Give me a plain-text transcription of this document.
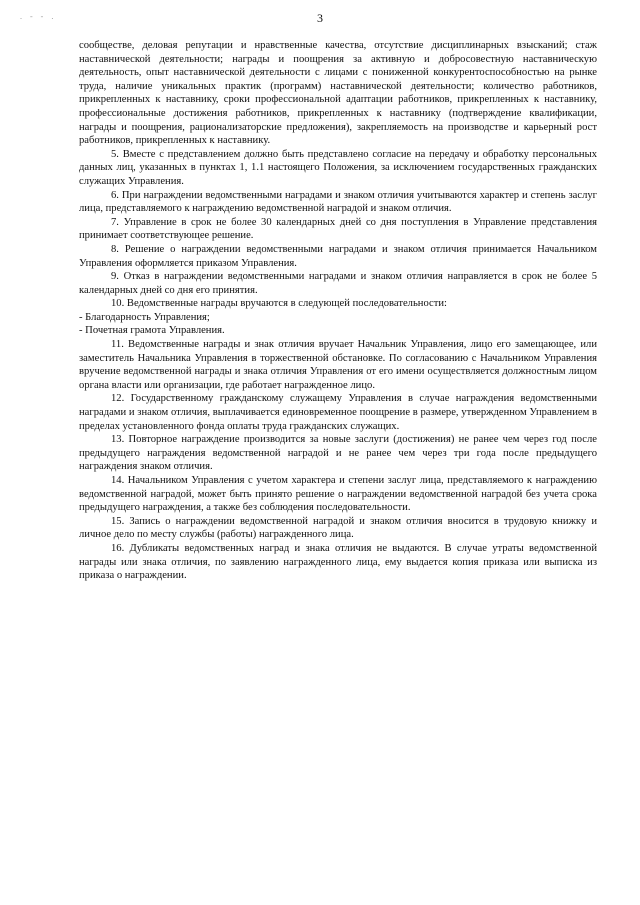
. - - .	3

сообществе, деловая репутации и нравственные качества, отсутствие дисциплинарных взысканий; стаж наставнической деятельности; награды и поощрения за активную и добросовестную наставническую деятельность, опыт наставнической деятельности с лицами с пониженной конкурентоспособностью на рынке труда, наличие уникальных практик (программ) наставнической деятельности; количество работников, прикрепленных к наставнику, сроки профессиональной адаптации работников, прикрепленных к наставнику, профессиональные достижения работников, прикрепленных к наставнику (подтверждение квалификации, награды и поощрения, рационализаторские предложения), закрепляемость на производстве и карьерный рост работников, прикрепленных к наставнику.

5. Вместе с представлением должно быть представлено согласие на передачу и обработку персональных данных лиц, указанных в пунктах 1, 1.1 настоящего Положения, за исключением государственных гражданских служащих Управления.

6. При награждении ведомственными наградами и знаком отличия учитываются характер и степень заслуг лица, представляемого к награждению ведомственной наградой и знаком отличия.

7. Управление в срок не более 30 календарных дней со дня поступления в Управление представления принимает соответствующее решение.

8. Решение о награждении ведомственными наградами и знаком отличия принимается Начальником Управления оформляется приказом Управления.

9. Отказ в награждении ведомственными наградами и знаком отличия направляется в срок не более 5 календарных дней со дня его принятия.

10. Ведомственные награды вручаются в следующей последовательности:

- Благодарность Управления;

- Почетная грамота Управления.

11. Ведомственные награды и знак отличия вручает Начальник Управления, лицо его замещающее, или заместитель Начальника Управления в торжественной обстановке. По согласованию с Начальником Управления вручение ведомственной награды и знака отличия Управления от его имени осуществляется должностным лицом органа власти или организации, где работает награжденное лицо.

12. Государственному гражданскому служащему Управления в случае награждения ведомственными наградами и знаком отличия, выплачивается единовременное поощрение в размере, утвержденном Управлением в пределах установленного фонда оплаты труда гражданских служащих.

13. Повторное награждение производится за новые заслуги (достижения) не ранее чем через год после предыдущего награждения ведомственной наградой и не ранее чем через три года после предыдущего награждения знаком отличия.

14. Начальником Управления с учетом характера и степени заслуг лица, представляемого к награждению ведомственной наградой, может быть принято решение о награждении ведомственной наградой без учета срока предыдущего награждения, а также без соблюдения последовательности.

15. Запись о награждении ведомственной наградой и знаком отличия вносится в трудовую книжку и личное дело по месту службы (работы) награжденного лица.

16. Дубликаты ведомственных наград и знака отличия не выдаются. В случае утраты ведомственной награды или знака отличия, по заявлению награжденного лица, ему выдается копия приказа или выписка из приказа о награждении.
